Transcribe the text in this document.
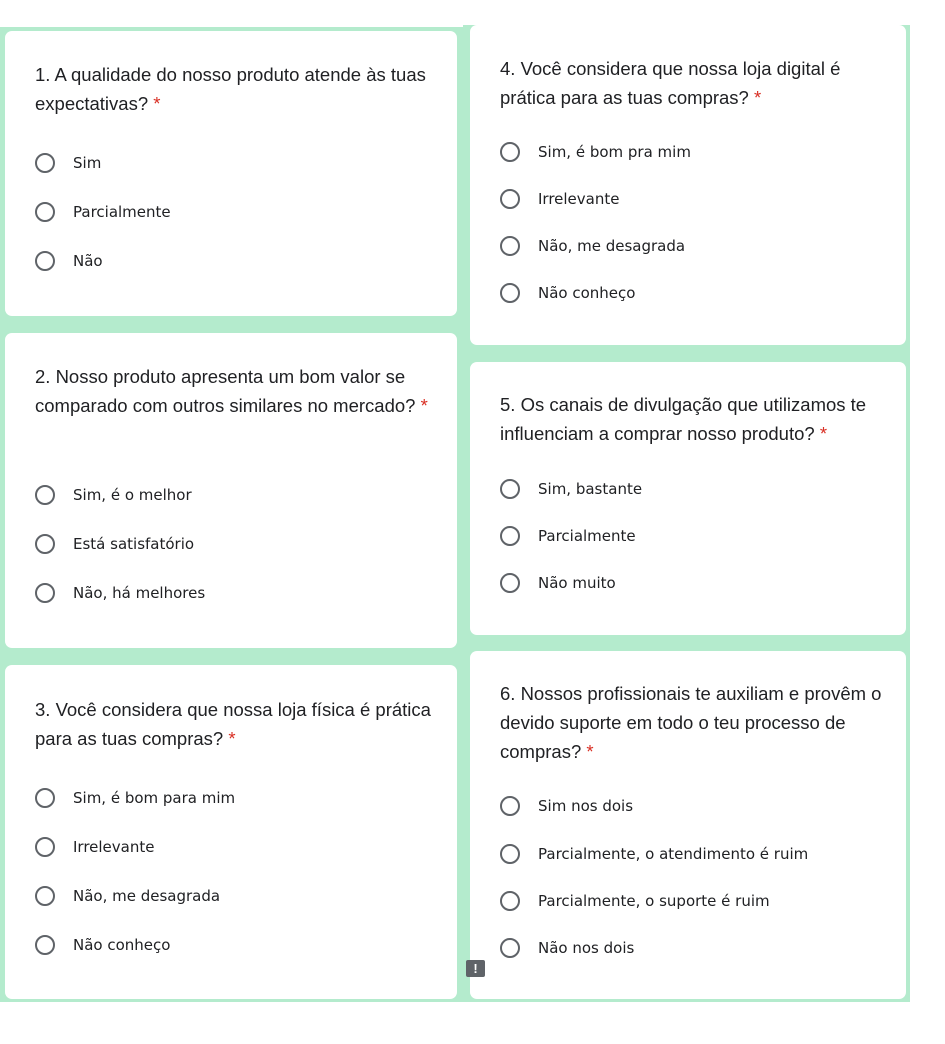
1. A qualidade do nosso produto atende às tuas expectativas? *
Sim
Parcialmente
Não
2. Nosso produto apresenta um bom valor se comparado com outros similares no mercado? *
Sim, é o melhor
Está satisfatório
Não, há melhores
3. Você considera que nossa loja física é prática para as tuas compras? *
Sim, é bom para mim
Irrelevante
Não, me desagrada
Não conheço
4. Você considera que nossa loja digital é prática para as tuas compras? *
Sim, é bom pra mim
Irrelevante
Não, me desagrada
Não conheço
5. Os canais de divulgação que utilizamos te influenciam a comprar nosso produto? *
Sim, bastante
Parcialmente
Não muito
6. Nossos profissionais te auxiliam e provêm o devido suporte em todo o teu processo de compras? *
Sim nos dois
Parcialmente, o atendimento é ruim
Parcialmente, o suporte é ruim
Não nos dois
!
